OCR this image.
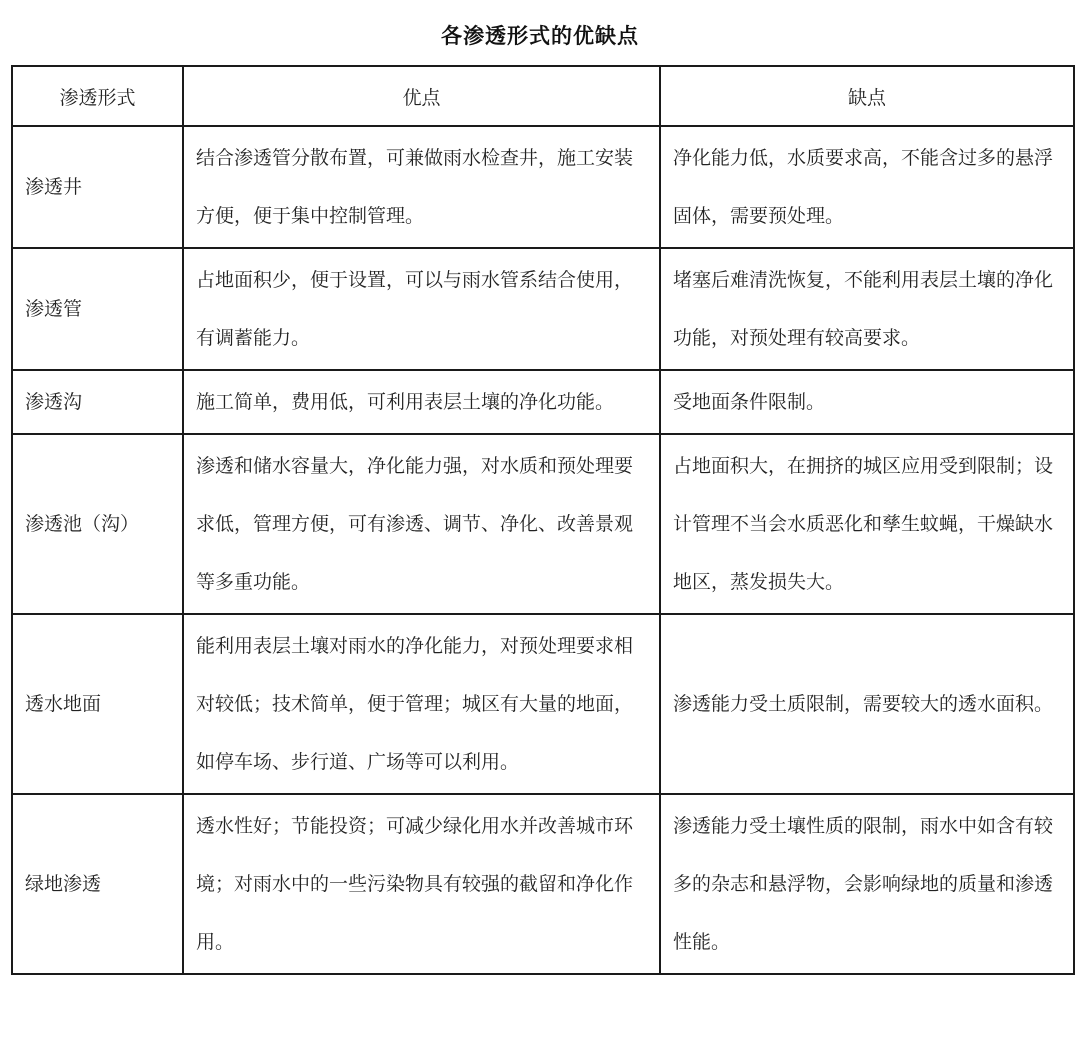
各渗透形式的优缺点
渗透形式	优点	缺点
渗透井	结合渗透管分散布置，可兼做雨水检查井，施工安装方便，便于集中控制管理。	净化能力低，水质要求高，不能含过多的悬浮固体，需要预处理。
渗透管	占地面积少，便于设置，可以与雨水管系结合使用，有调蓄能力。	堵塞后难清洗恢复，不能利用表层土壤的净化功能，对预处理有较高要求。
渗透沟	施工简单，费用低，可利用表层土壤的净化功能。	受地面条件限制。
渗透池（沟）	渗透和储水容量大，净化能力强，对水质和预处理要求低，管理方便，可有渗透、调节、净化、改善景观等多重功能。	占地面积大，在拥挤的城区应用受到限制；设计管理不当会水质恶化和孳生蚊蝇，干燥缺水地区，蒸发损失大。
透水地面	能利用表层土壤对雨水的净化能力，对预处理要求相对较低；技术简单，便于管理；城区有大量的地面，如停车场、步行道、广场等可以利用。	渗透能力受土质限制，需要较大的透水面积。
绿地渗透	透水性好；节能投资；可减少绿化用水并改善城市环境；对雨水中的一些污染物具有较强的截留和净化作用。	渗透能力受土壤性质的限制，雨水中如含有较多的杂志和悬浮物，会影响绿地的质量和渗透性能。
